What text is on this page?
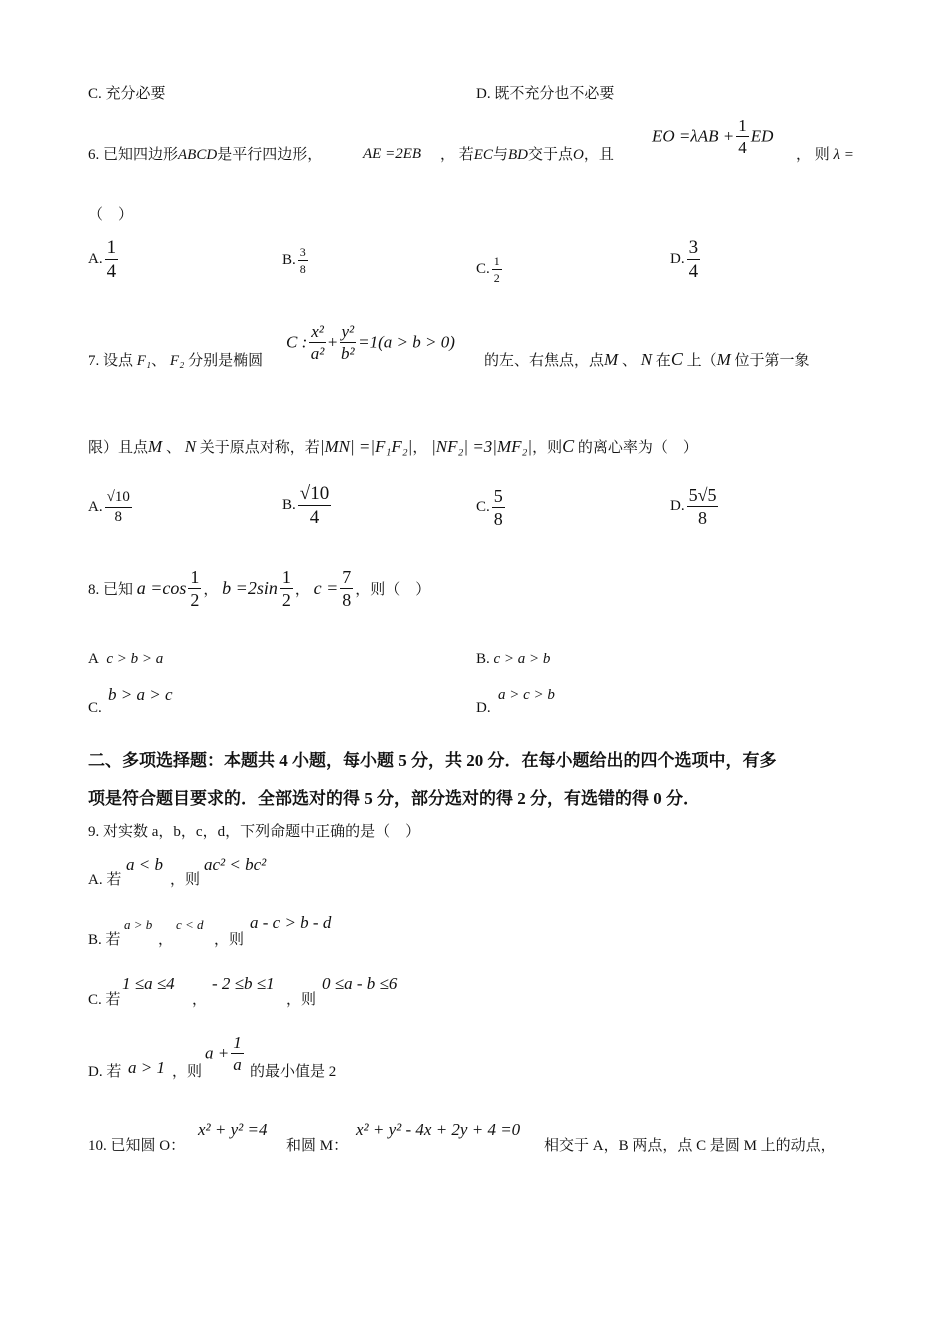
C. 充分必要	D. 既不充分也不必要
6. 已知四边形ABCD是平行四边形，	AE =2EB ， 若EC与BD交于点O，且
EO $=\lambda AB + \frac{1}{4}$ ED
， 则 λ =
（　）
A. $\frac{1}{4}$	B. $\frac{3}{8}$	C. $\frac{1}{2}$	D. $\frac{3}{4}$
7. 设点 F₁、 F₂ 分别是椭圆
C : $\frac{\text{x²}}{\text{a²}} + \frac{\text{y²}}{\text{b²}} =1(a > b > 0)$
的左、右焦点，点M 、 N 在C 上（M 位于第一象
限）且点M 、 N 关于原点对称，若|MN| =|F₁F₂|， |NF₂| =3|MF₂|，则C 的离心率为（　）
A. $\frac{√10}{8}$	B. $\frac{√10}{4}$	C. $\frac{5}{8}$	D. $\frac{5√5}{8}$
8. 已知 $a =\cos \frac{1}{2}$ ， $b =2\sin \frac{1}{2}$ ， $c = \frac{7}{8}$ ，则（　）
A c > b > a	B. c > a > b
C.
b > a > c
D.
a > c > b
二、多项选择题：本题共 4 小题，每小题 5 分，共 20 分．在每小题给出的四个选项中，有多
项是符合题目要求的．全部选对的得 5 分，部分选对的得 2 分，有选错的得 0 分．
9. 对实数 a，b，c，d，下列命题中正确的是（　）
A. 若
a < b
，则
ac² < bc²
B. 若
a > b
，
c < d
，则
a - c > b - d
C. 若
1 ≤a ≤4
，
- 2 ≤b ≤1
，则
0 ≤a - b ≤6
D. 若 a > 1 ，则
$a + \frac{1}{a}$ 的最小值是 2
10. 已知圆 O：
x² + y² =4
和圆 M：
x² + y² - 4x + 2y + 4 =0
相交于 A，B 两点，点 C 是圆 M 上的动点，
